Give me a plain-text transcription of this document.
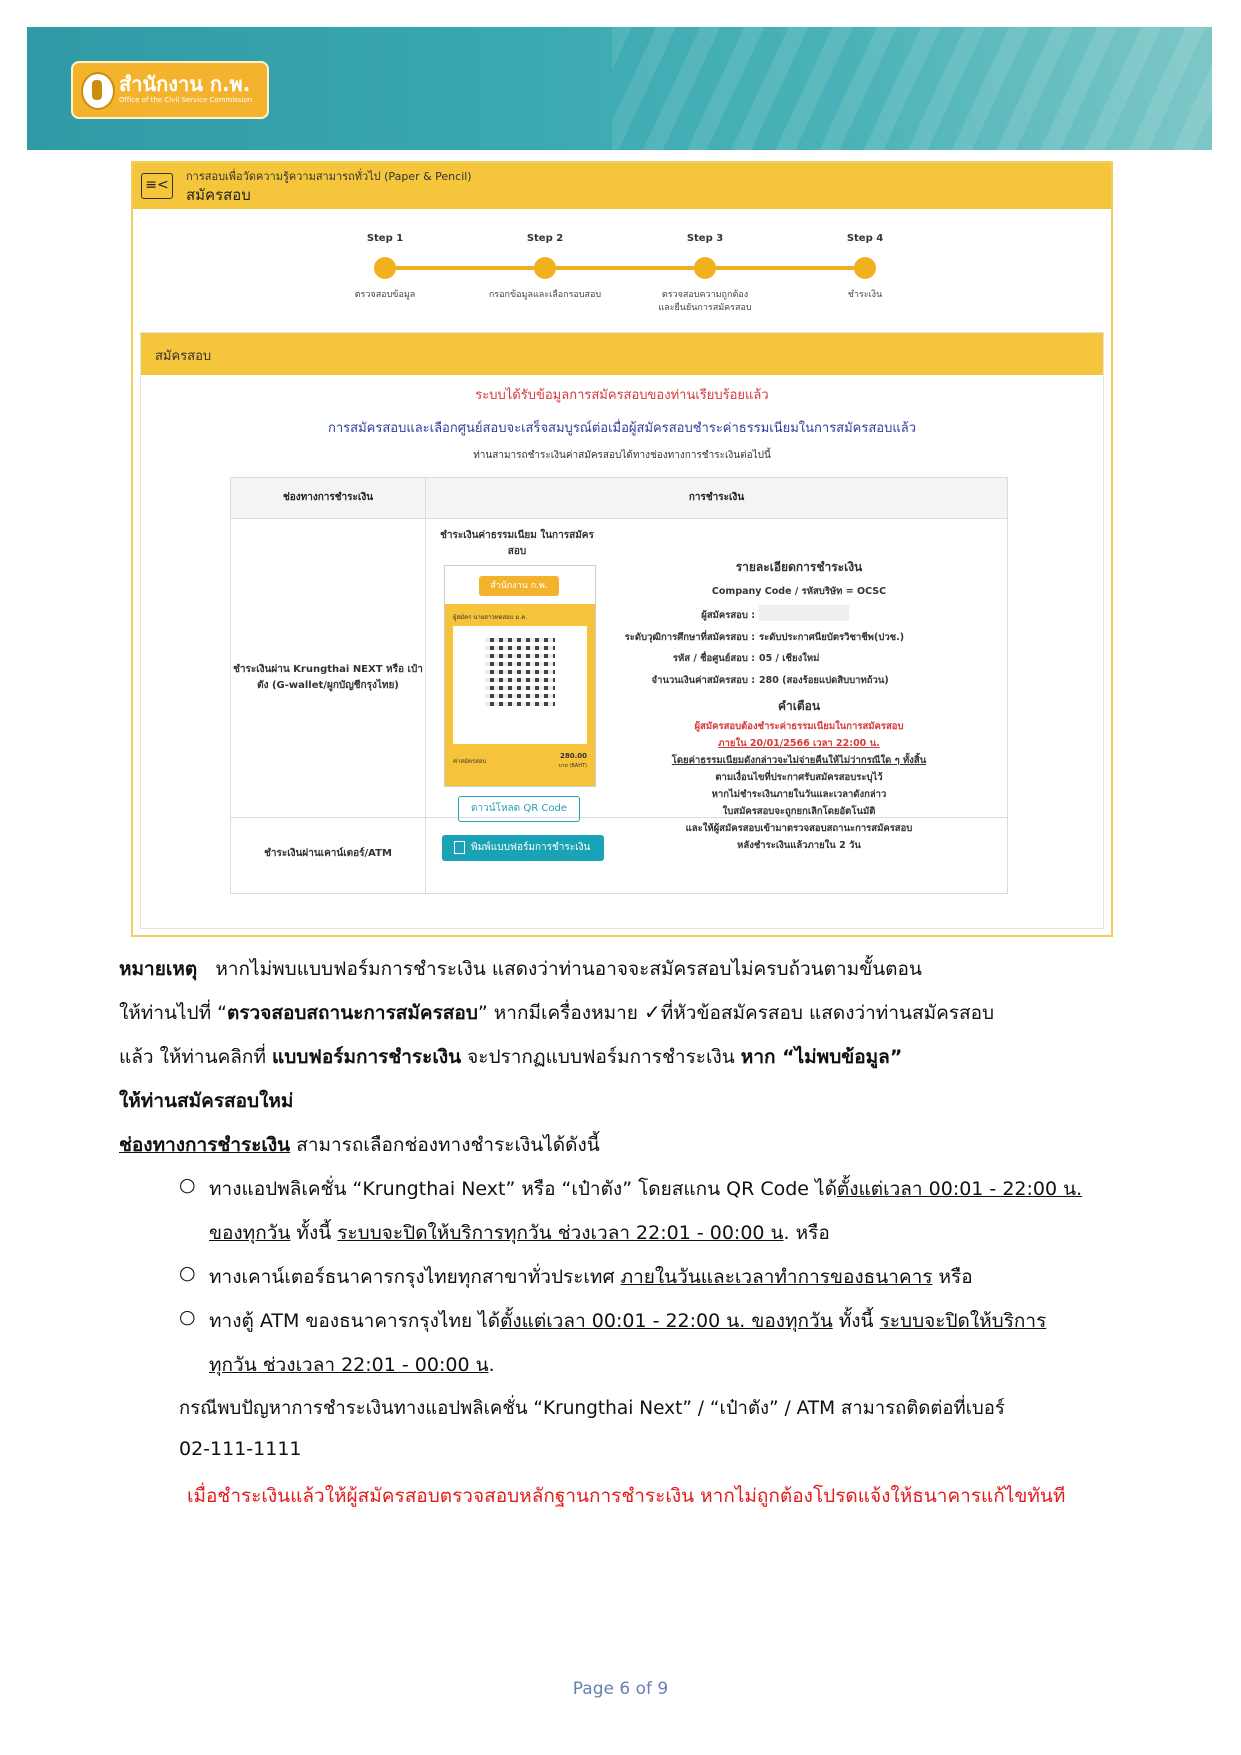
สำนักงาน ก.พ.
Office of the Civil Service Commission
≡<
การสอบเพื่อวัดความรู้ความสามารถทั่วไป (Paper & Pencil)
สมัครสอบ
Step 1
ตรวจสอบข้อมูล
Step 2
กรอกข้อมูลและเลือกรอบสอบ
Step 3
ตรวจสอบความถูกต้อง และยืนยันการสมัครสอบ
Step 4
ชำระเงิน
สมัครสอบ
ระบบได้รับข้อมูลการสมัครสอบของท่านเรียบร้อยแล้ว
การสมัครสอบและเลือกศูนย์สอบจะเสร็จสมบูรณ์ต่อเมื่อผู้สมัครสอบชำระค่าธรรมเนียมในการสมัครสอบแล้ว
ท่านสามารถชำระเงินค่าสมัครสอบได้ทางช่องทางการชำระเงินต่อไปนี้
ช่องทางการชำระเงิน	การชำระเงิน
ชำระเงินผ่าน Krungthai NEXT หรือ เป๋าตัง (G-wallet/ผูกบัญชีกรุงไทย)
ชำระเงินผ่านเคาน์เตอร์/ATM
ชำระเงินค่าธรรมเนียม ในการสมัครสอบ
สำนักงาน ก.พ.
ผู้สมัคร นายสาวทดสอบ ม.ค.
ค่าสมัครสอบ
280.00
บาท (BAHT)
ดาวน์โหลด QR Code
พิมพ์แบบฟอร์มการชำระเงิน
รายละเอียดการชำระเงิน
Company Code / รหัสบริษัท = OCSC
ผู้สมัครสอบ :
ระดับวุฒิการศึกษาที่สมัครสอบ : ระดับประกาศนียบัตรวิชาชีพ(ปวช.)
รหัส / ชื่อศูนย์สอบ : 05 / เชียงใหม่
จำนวนเงินค่าสมัครสอบ : 280 (สองร้อยแปดสิบบาทถ้วน)
คำเตือน
ผู้สมัครสอบต้องชำระค่าธรรมเนียมในการสมัครสอบ
ภายใน 20/01/2566 เวลา 22:00 น.
โดยค่าธรรมเนียมดังกล่าวจะไม่จ่ายคืนให้ไม่ว่ากรณีใด ๆ ทั้งสิ้น
ตามเงื่อนไขที่ประกาศรับสมัครสอบระบุไว้
หากไม่ชำระเงินภายในวันและเวลาดังกล่าว
ใบสมัครสอบจะถูกยกเลิกโดยอัตโนมัติ
และให้ผู้สมัครสอบเข้ามาตรวจสอบสถานะการสมัครสอบ
หลังชำระเงินแล้วภายใน 2 วัน
หมายเหตุ หากไม่พบแบบฟอร์มการชำระเงิน แสดงว่าท่านอาจจะสมัครสอบไม่ครบถ้วนตามขั้นตอน
ให้ท่านไปที่ “ตรวจสอบสถานะการสมัครสอบ” หากมีเครื่องหมาย ✓ที่หัวข้อสมัครสอบ แสดงว่าท่านสมัครสอบ
แล้ว ให้ท่านคลิกที่ แบบฟอร์มการชำระเงิน จะปรากฏแบบฟอร์มการชำระเงิน หาก “ไม่พบข้อมูล”
ให้ท่านสมัครสอบใหม่
ช่องทางการชำระเงิน สามารถเลือกช่องทางชำระเงินได้ดังนี้
○ ทางแอปพลิเคชั่น “Krungthai Next” หรือ “เป๋าตัง” โดยสแกน QR Code ได้ตั้งแต่เวลา 00:01 - 22:00 น.
ของทุกวัน ทั้งนี้ ระบบจะปิดให้บริการทุกวัน ช่วงเวลา 22:01 - 00:00 น. หรือ
○ ทางเคาน์เตอร์ธนาคารกรุงไทยทุกสาขาทั่วประเทศ ภายในวันและเวลาทำการของธนาคาร หรือ
○ ทางตู้ ATM ของธนาคารกรุงไทย ได้ตั้งแต่เวลา 00:01 - 22:00 น. ของทุกวัน ทั้งนี้ ระบบจะปิดให้บริการ
ทุกวัน ช่วงเวลา 22:01 - 00:00 น.
กรณีพบปัญหาการชำระเงินทางแอปพลิเคชั่น “Krungthai Next” / “เป๋าตัง” / ATM สามารถติดต่อที่เบอร์
02-111-1111
เมื่อชำระเงินแล้วให้ผู้สมัครสอบตรวจสอบหลักฐานการชำระเงิน หากไม่ถูกต้องโปรดแจ้งให้ธนาคารแก้ไขทันที
Page 6 of 9
